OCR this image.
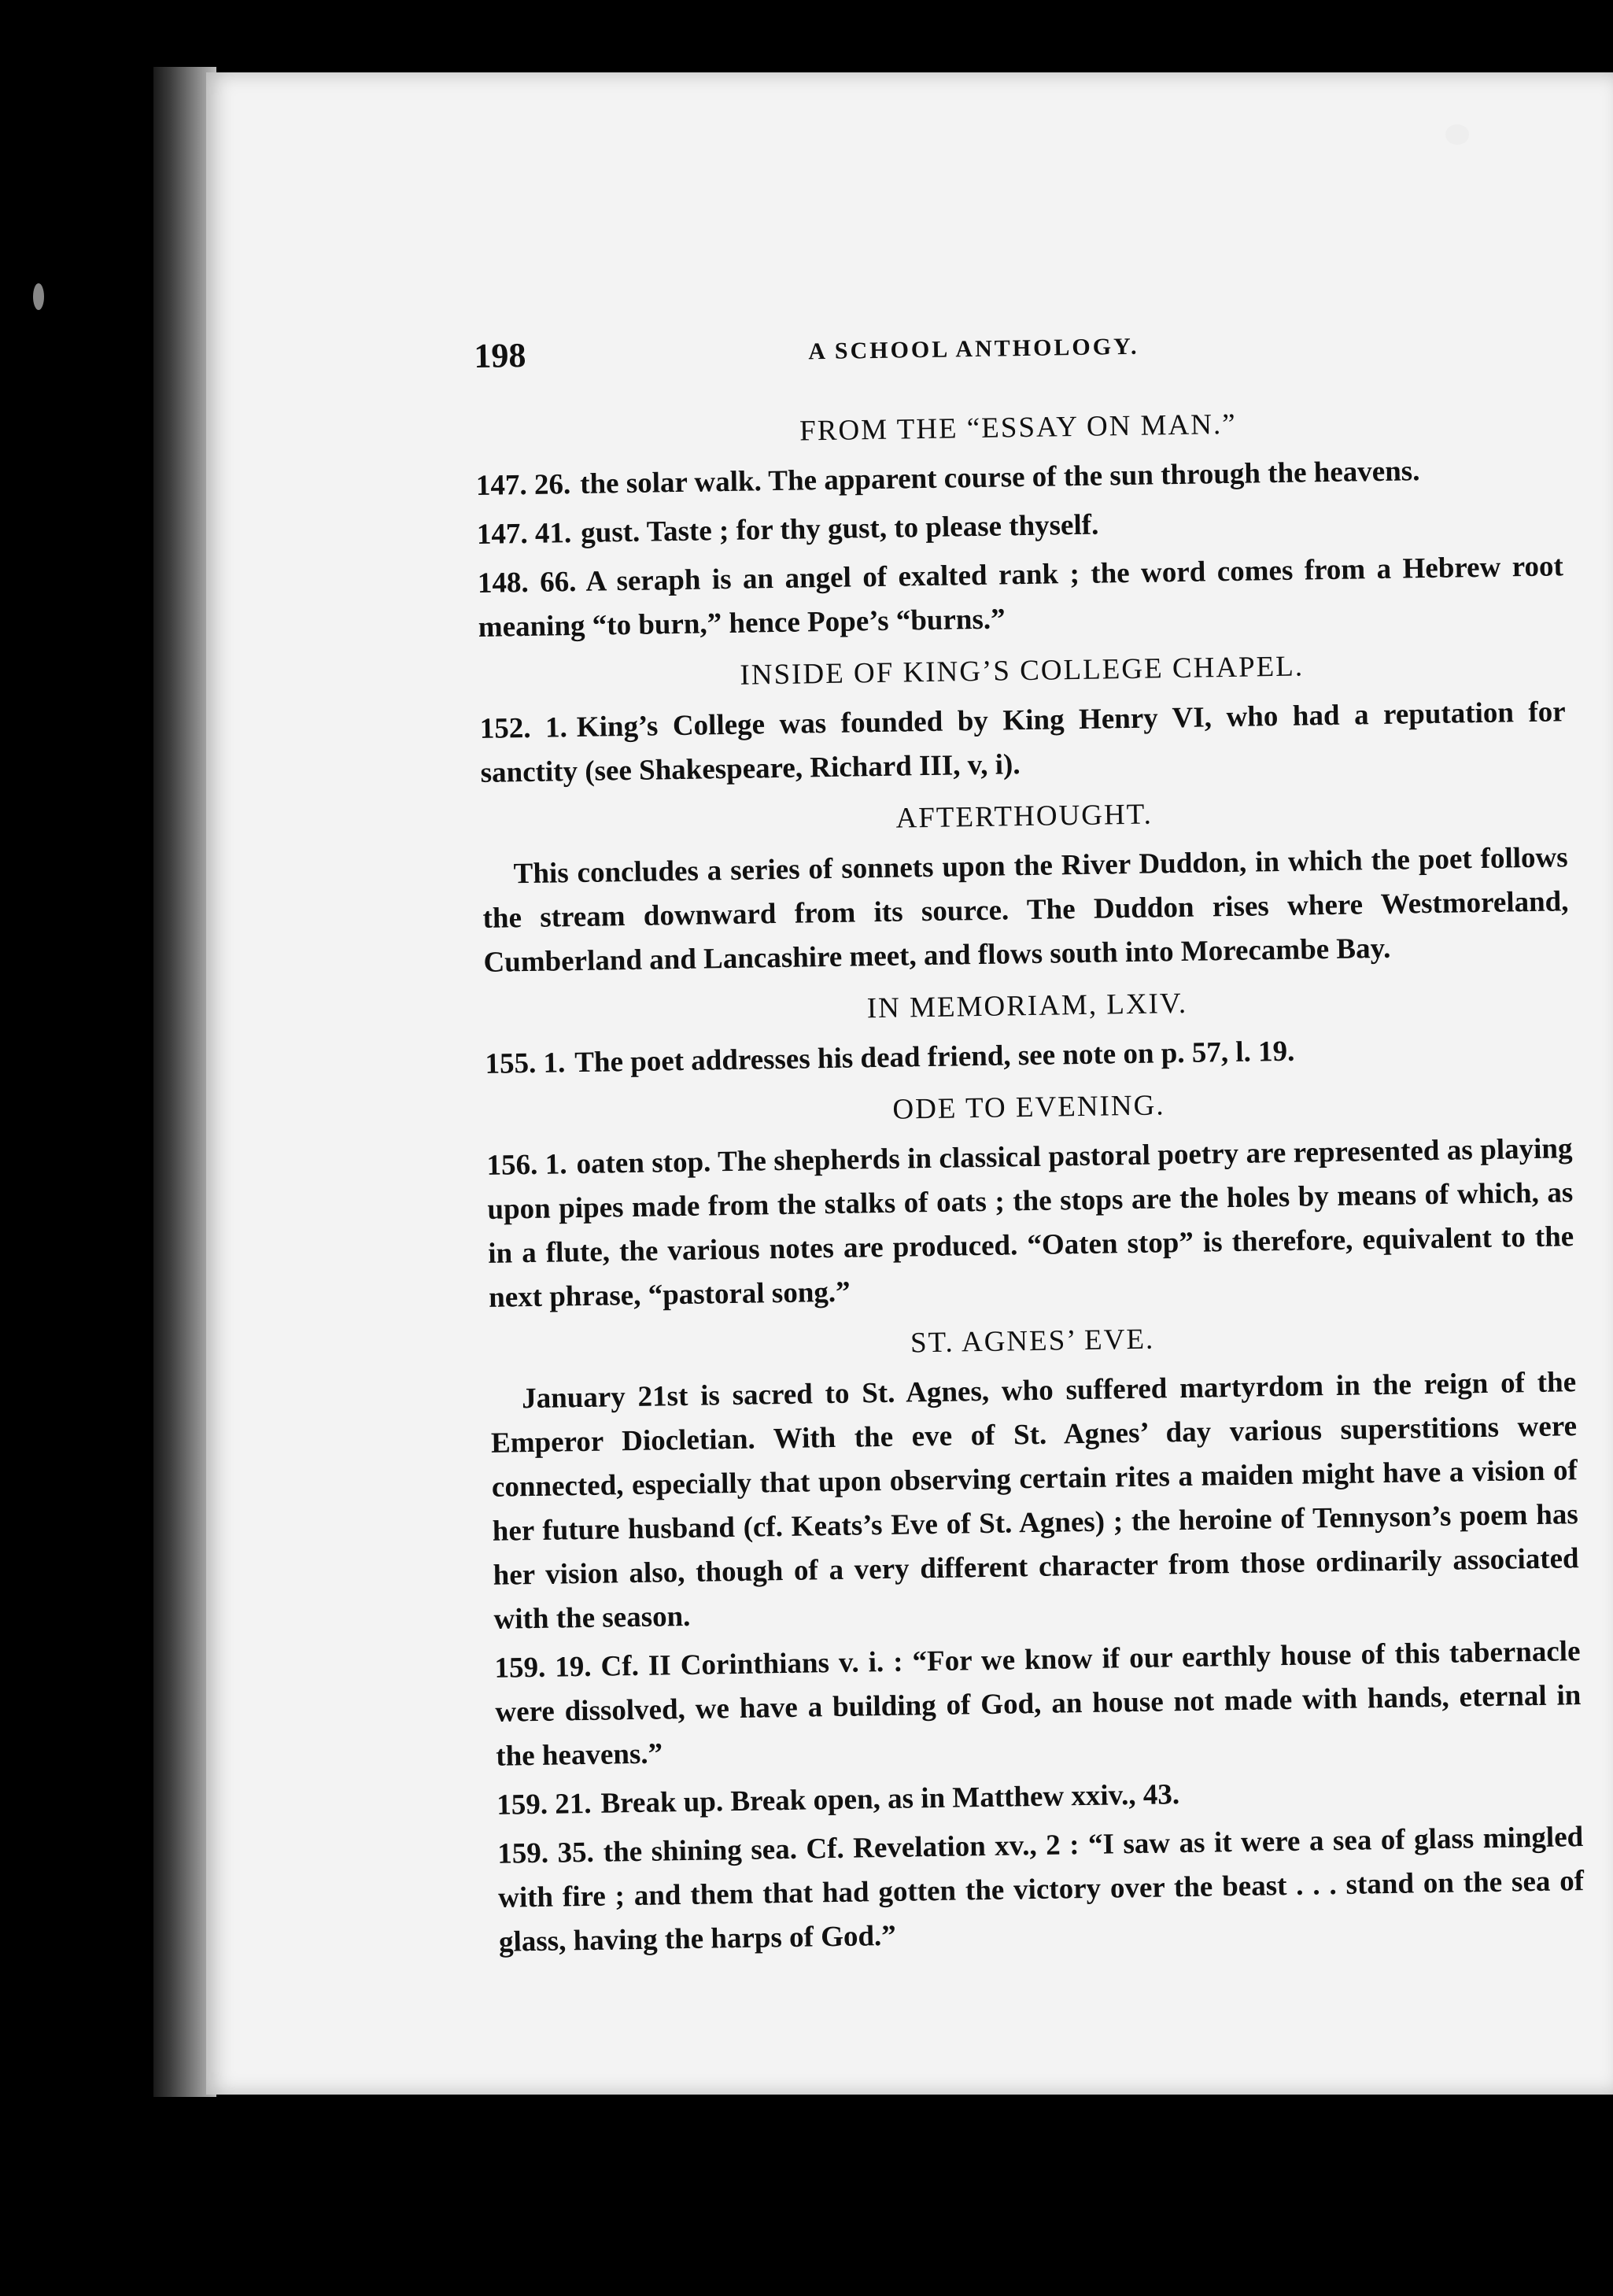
198	A SCHOOL ANTHOLOGY.
FROM THE “ESSAY ON MAN.”

147. 26. the solar walk. The apparent course of the sun through the heavens.

147. 41. gust. Taste ; for thy gust, to please thyself.

148. 66. A seraph is an angel of exalted rank ; the word comes from a Hebrew root meaning “to burn,” hence Pope’s “burns.”

INSIDE OF KING’S COLLEGE CHAPEL.

152. 1. King’s College was founded by King Henry VI, who had a reputation for sanctity (see Shakespeare, Richard III, v, i).

AFTERTHOUGHT.

This concludes a series of sonnets upon the River Duddon, in which the poet follows the stream downward from its source. The Duddon rises where Westmoreland, Cumberland and Lancashire meet, and flows south into Morecambe Bay.

IN MEMORIAM, LXIV.

155. 1. The poet addresses his dead friend, see note on p. 57, l. 19.

ODE TO EVENING.

156. 1. oaten stop. The shepherds in classical pastoral poetry are represented as playing upon pipes made from the stalks of oats ; the stops are the holes by means of which, as in a flute, the various notes are produced. “Oaten stop” is therefore, equivalent to the next phrase, “pastoral song.”

ST. AGNES’ EVE.

January 21st is sacred to St. Agnes, who suffered martyrdom in the reign of the Emperor Diocletian. With the eve of St. Agnes’ day various superstitions were connected, especially that upon observing certain rites a maiden might have a vision of her future husband (cf. Keats’s Eve of St. Agnes) ; the heroine of Tennyson’s poem has her vision also, though of a very different character from those ordinarily associated with the season.

159. 19. Cf. II Corinthians v. i. : “For we know if our earthly house of this tabernacle were dissolved, we have a building of God, an house not made with hands, eternal in the heavens.”

159. 21. Break up. Break open, as in Matthew xxiv., 43.

159. 35. the shining sea. Cf. Revelation xv., 2 : “I saw as it were a sea of glass mingled with fire ; and them that had gotten the victory over the beast . . . stand on the sea of glass, having the harps of God.”
